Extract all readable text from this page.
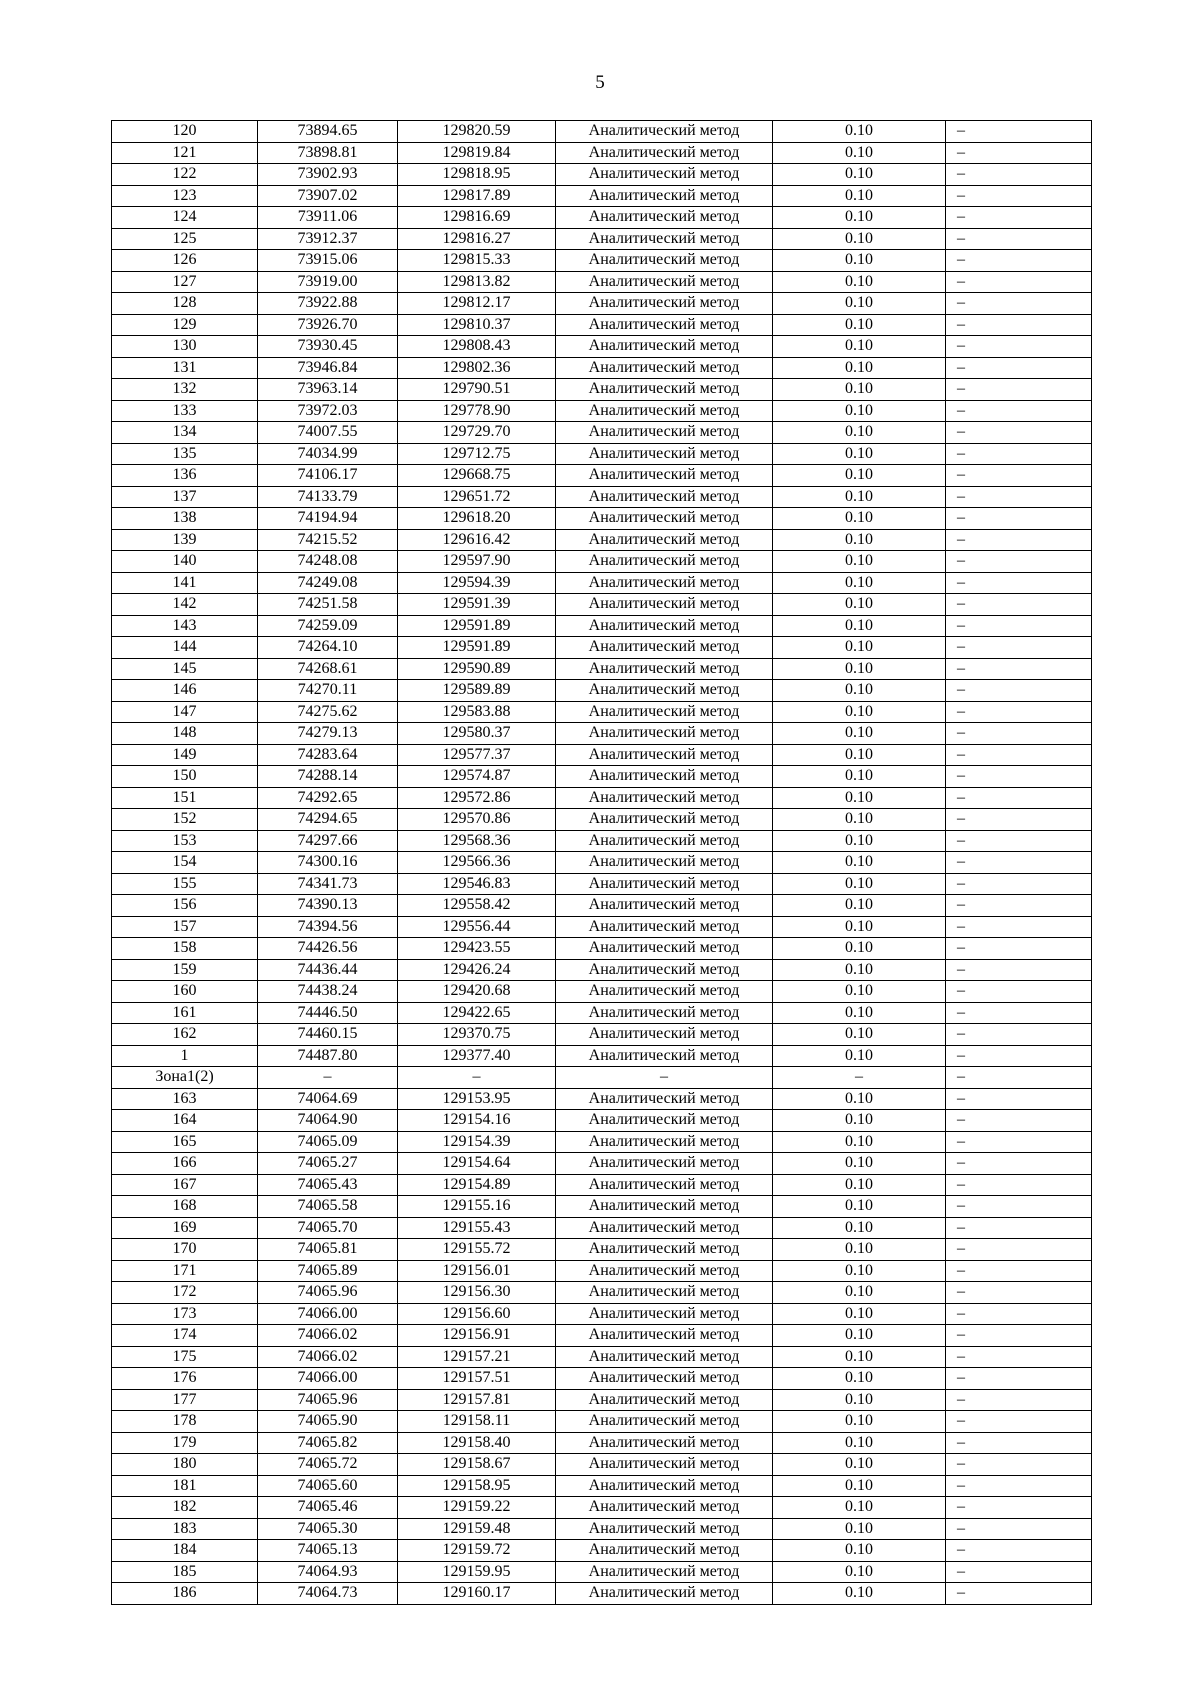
5
120	73894.65	129820.59	Аналитический метод	0.10	–
121	73898.81	129819.84	Аналитический метод	0.10	–
122	73902.93	129818.95	Аналитический метод	0.10	–
123	73907.02	129817.89	Аналитический метод	0.10	–
124	73911.06	129816.69	Аналитический метод	0.10	–
125	73912.37	129816.27	Аналитический метод	0.10	–
126	73915.06	129815.33	Аналитический метод	0.10	–
127	73919.00	129813.82	Аналитический метод	0.10	–
128	73922.88	129812.17	Аналитический метод	0.10	–
129	73926.70	129810.37	Аналитический метод	0.10	–
130	73930.45	129808.43	Аналитический метод	0.10	–
131	73946.84	129802.36	Аналитический метод	0.10	–
132	73963.14	129790.51	Аналитический метод	0.10	–
133	73972.03	129778.90	Аналитический метод	0.10	–
134	74007.55	129729.70	Аналитический метод	0.10	–
135	74034.99	129712.75	Аналитический метод	0.10	–
136	74106.17	129668.75	Аналитический метод	0.10	–
137	74133.79	129651.72	Аналитический метод	0.10	–
138	74194.94	129618.20	Аналитический метод	0.10	–
139	74215.52	129616.42	Аналитический метод	0.10	–
140	74248.08	129597.90	Аналитический метод	0.10	–
141	74249.08	129594.39	Аналитический метод	0.10	–
142	74251.58	129591.39	Аналитический метод	0.10	–
143	74259.09	129591.89	Аналитический метод	0.10	–
144	74264.10	129591.89	Аналитический метод	0.10	–
145	74268.61	129590.89	Аналитический метод	0.10	–
146	74270.11	129589.89	Аналитический метод	0.10	–
147	74275.62	129583.88	Аналитический метод	0.10	–
148	74279.13	129580.37	Аналитический метод	0.10	–
149	74283.64	129577.37	Аналитический метод	0.10	–
150	74288.14	129574.87	Аналитический метод	0.10	–
151	74292.65	129572.86	Аналитический метод	0.10	–
152	74294.65	129570.86	Аналитический метод	0.10	–
153	74297.66	129568.36	Аналитический метод	0.10	–
154	74300.16	129566.36	Аналитический метод	0.10	–
155	74341.73	129546.83	Аналитический метод	0.10	–
156	74390.13	129558.42	Аналитический метод	0.10	–
157	74394.56	129556.44	Аналитический метод	0.10	–
158	74426.56	129423.55	Аналитический метод	0.10	–
159	74436.44	129426.24	Аналитический метод	0.10	–
160	74438.24	129420.68	Аналитический метод	0.10	–
161	74446.50	129422.65	Аналитический метод	0.10	–
162	74460.15	129370.75	Аналитический метод	0.10	–
1	74487.80	129377.40	Аналитический метод	0.10	–
Зона1(2)	–	–	–	–	–
163	74064.69	129153.95	Аналитический метод	0.10	–
164	74064.90	129154.16	Аналитический метод	0.10	–
165	74065.09	129154.39	Аналитический метод	0.10	–
166	74065.27	129154.64	Аналитический метод	0.10	–
167	74065.43	129154.89	Аналитический метод	0.10	–
168	74065.58	129155.16	Аналитический метод	0.10	–
169	74065.70	129155.43	Аналитический метод	0.10	–
170	74065.81	129155.72	Аналитический метод	0.10	–
171	74065.89	129156.01	Аналитический метод	0.10	–
172	74065.96	129156.30	Аналитический метод	0.10	–
173	74066.00	129156.60	Аналитический метод	0.10	–
174	74066.02	129156.91	Аналитический метод	0.10	–
175	74066.02	129157.21	Аналитический метод	0.10	–
176	74066.00	129157.51	Аналитический метод	0.10	–
177	74065.96	129157.81	Аналитический метод	0.10	–
178	74065.90	129158.11	Аналитический метод	0.10	–
179	74065.82	129158.40	Аналитический метод	0.10	–
180	74065.72	129158.67	Аналитический метод	0.10	–
181	74065.60	129158.95	Аналитический метод	0.10	–
182	74065.46	129159.22	Аналитический метод	0.10	–
183	74065.30	129159.48	Аналитический метод	0.10	–
184	74065.13	129159.72	Аналитический метод	0.10	–
185	74064.93	129159.95	Аналитический метод	0.10	–
186	74064.73	129160.17	Аналитический метод	0.10	–
